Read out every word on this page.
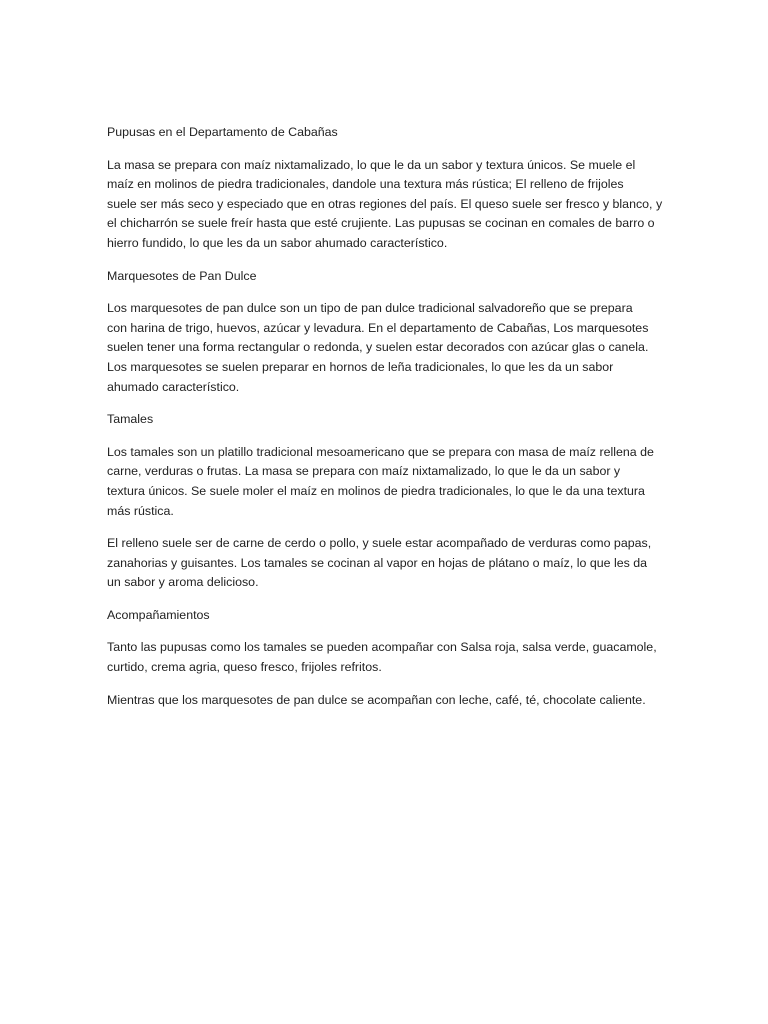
Pupusas en el Departamento de Cabañas
La masa se prepara con maíz nixtamalizado, lo que le da un sabor y textura únicos. Se muele el
maíz en molinos de piedra tradicionales, dandole una textura más rústica; El relleno de frijoles
suele ser más seco y especiado que en otras regiones del país. El queso suele ser fresco y blanco, y
el chicharrón se suele freír hasta que esté crujiente. Las pupusas se cocinan en comales de barro o
hierro fundido, lo que les da un sabor ahumado característico.
Marquesotes de Pan Dulce
Los marquesotes de pan dulce son un tipo de pan dulce tradicional salvadoreño que se prepara
con harina de trigo, huevos, azúcar y levadura. En el departamento de Cabañas, Los marquesotes
suelen tener una forma rectangular o redonda, y suelen estar decorados con azúcar glas o canela.
Los marquesotes se suelen preparar en hornos de leña tradicionales, lo que les da un sabor
ahumado característico.
Tamales
Los tamales son un platillo tradicional mesoamericano que se prepara con masa de maíz rellena de
carne, verduras o frutas. La masa se prepara con maíz nixtamalizado, lo que le da un sabor y
textura únicos. Se suele moler el maíz en molinos de piedra tradicionales, lo que le da una textura
más rústica.
El relleno suele ser de carne de cerdo o pollo, y suele estar acompañado de verduras como papas,
zanahorias y guisantes. Los tamales se cocinan al vapor en hojas de plátano o maíz, lo que les da
un sabor y aroma delicioso.
Acompañamientos
Tanto las pupusas como los tamales se pueden acompañar con Salsa roja, salsa verde, guacamole,
curtido, crema agria, queso fresco, frijoles refritos.
Mientras que los marquesotes de pan dulce se acompañan con leche, café, té, chocolate caliente.
